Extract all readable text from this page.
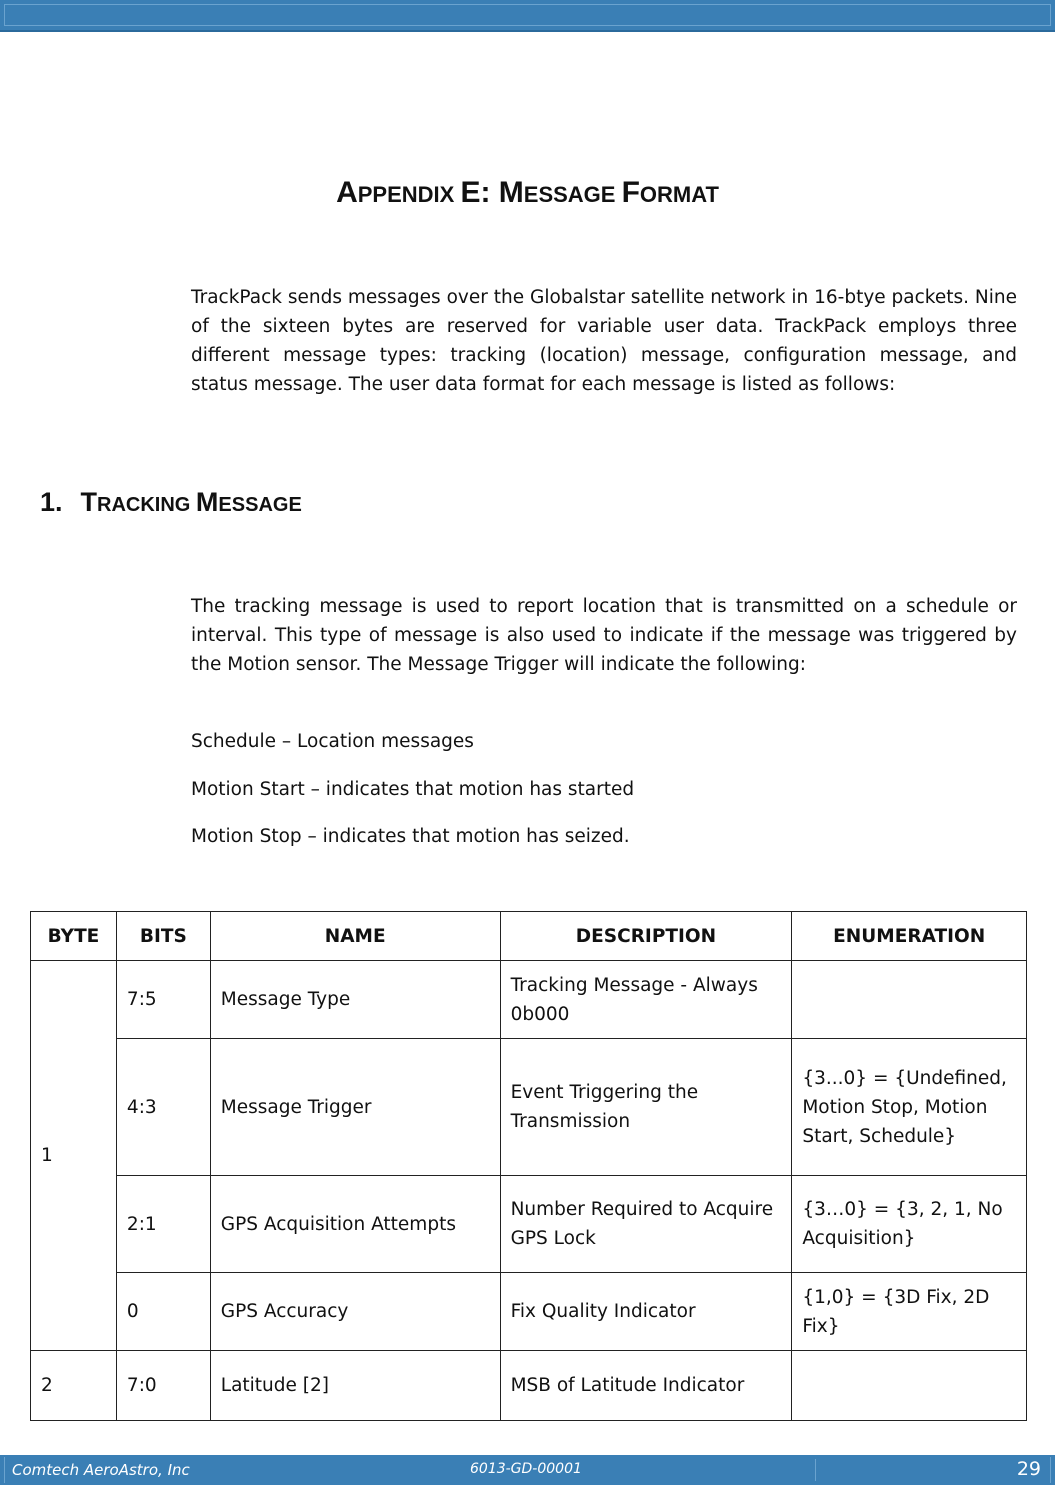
APPENDIX E: MESSAGE FORMAT
TrackPack sends messages over the Globalstar satellite network in 16-btye packets. Nine of the sixteen bytes are reserved for variable user data. TrackPack employs three different message types: tracking (location) message, configuration message, and status message. The user data format for each message is listed as follows:
1. TRACKING MESSAGE
The tracking message is used to report location that is transmitted on a schedule or interval. This type of message is also used to indicate if the message was triggered by the Motion sensor. The Message Trigger will indicate the following:
Schedule – Location messages
Motion Start – indicates that motion has started
Motion Stop – indicates that motion has seized.
BYTE	BITS	NAME	DESCRIPTION	ENUMERATION
1	7:5	Message Type	Tracking Message - Always 0b000	
	4:3	Message Trigger	Event Triggering the Transmission	{3...0} = {Undefined, Motion Stop, Motion Start, Schedule}
	2:1	GPS Acquisition Attempts	Number Required to Acquire GPS Lock	{3…0} = {3, 2, 1, No Acquisition}
	0	GPS Accuracy	Fix Quality Indicator	{1,0} = {3D Fix, 2D Fix}
2	7:0	Latitude [2]	MSB of Latitude Indicator	
Comtech AeroAstro, Inc	6013-GD-00001	29
